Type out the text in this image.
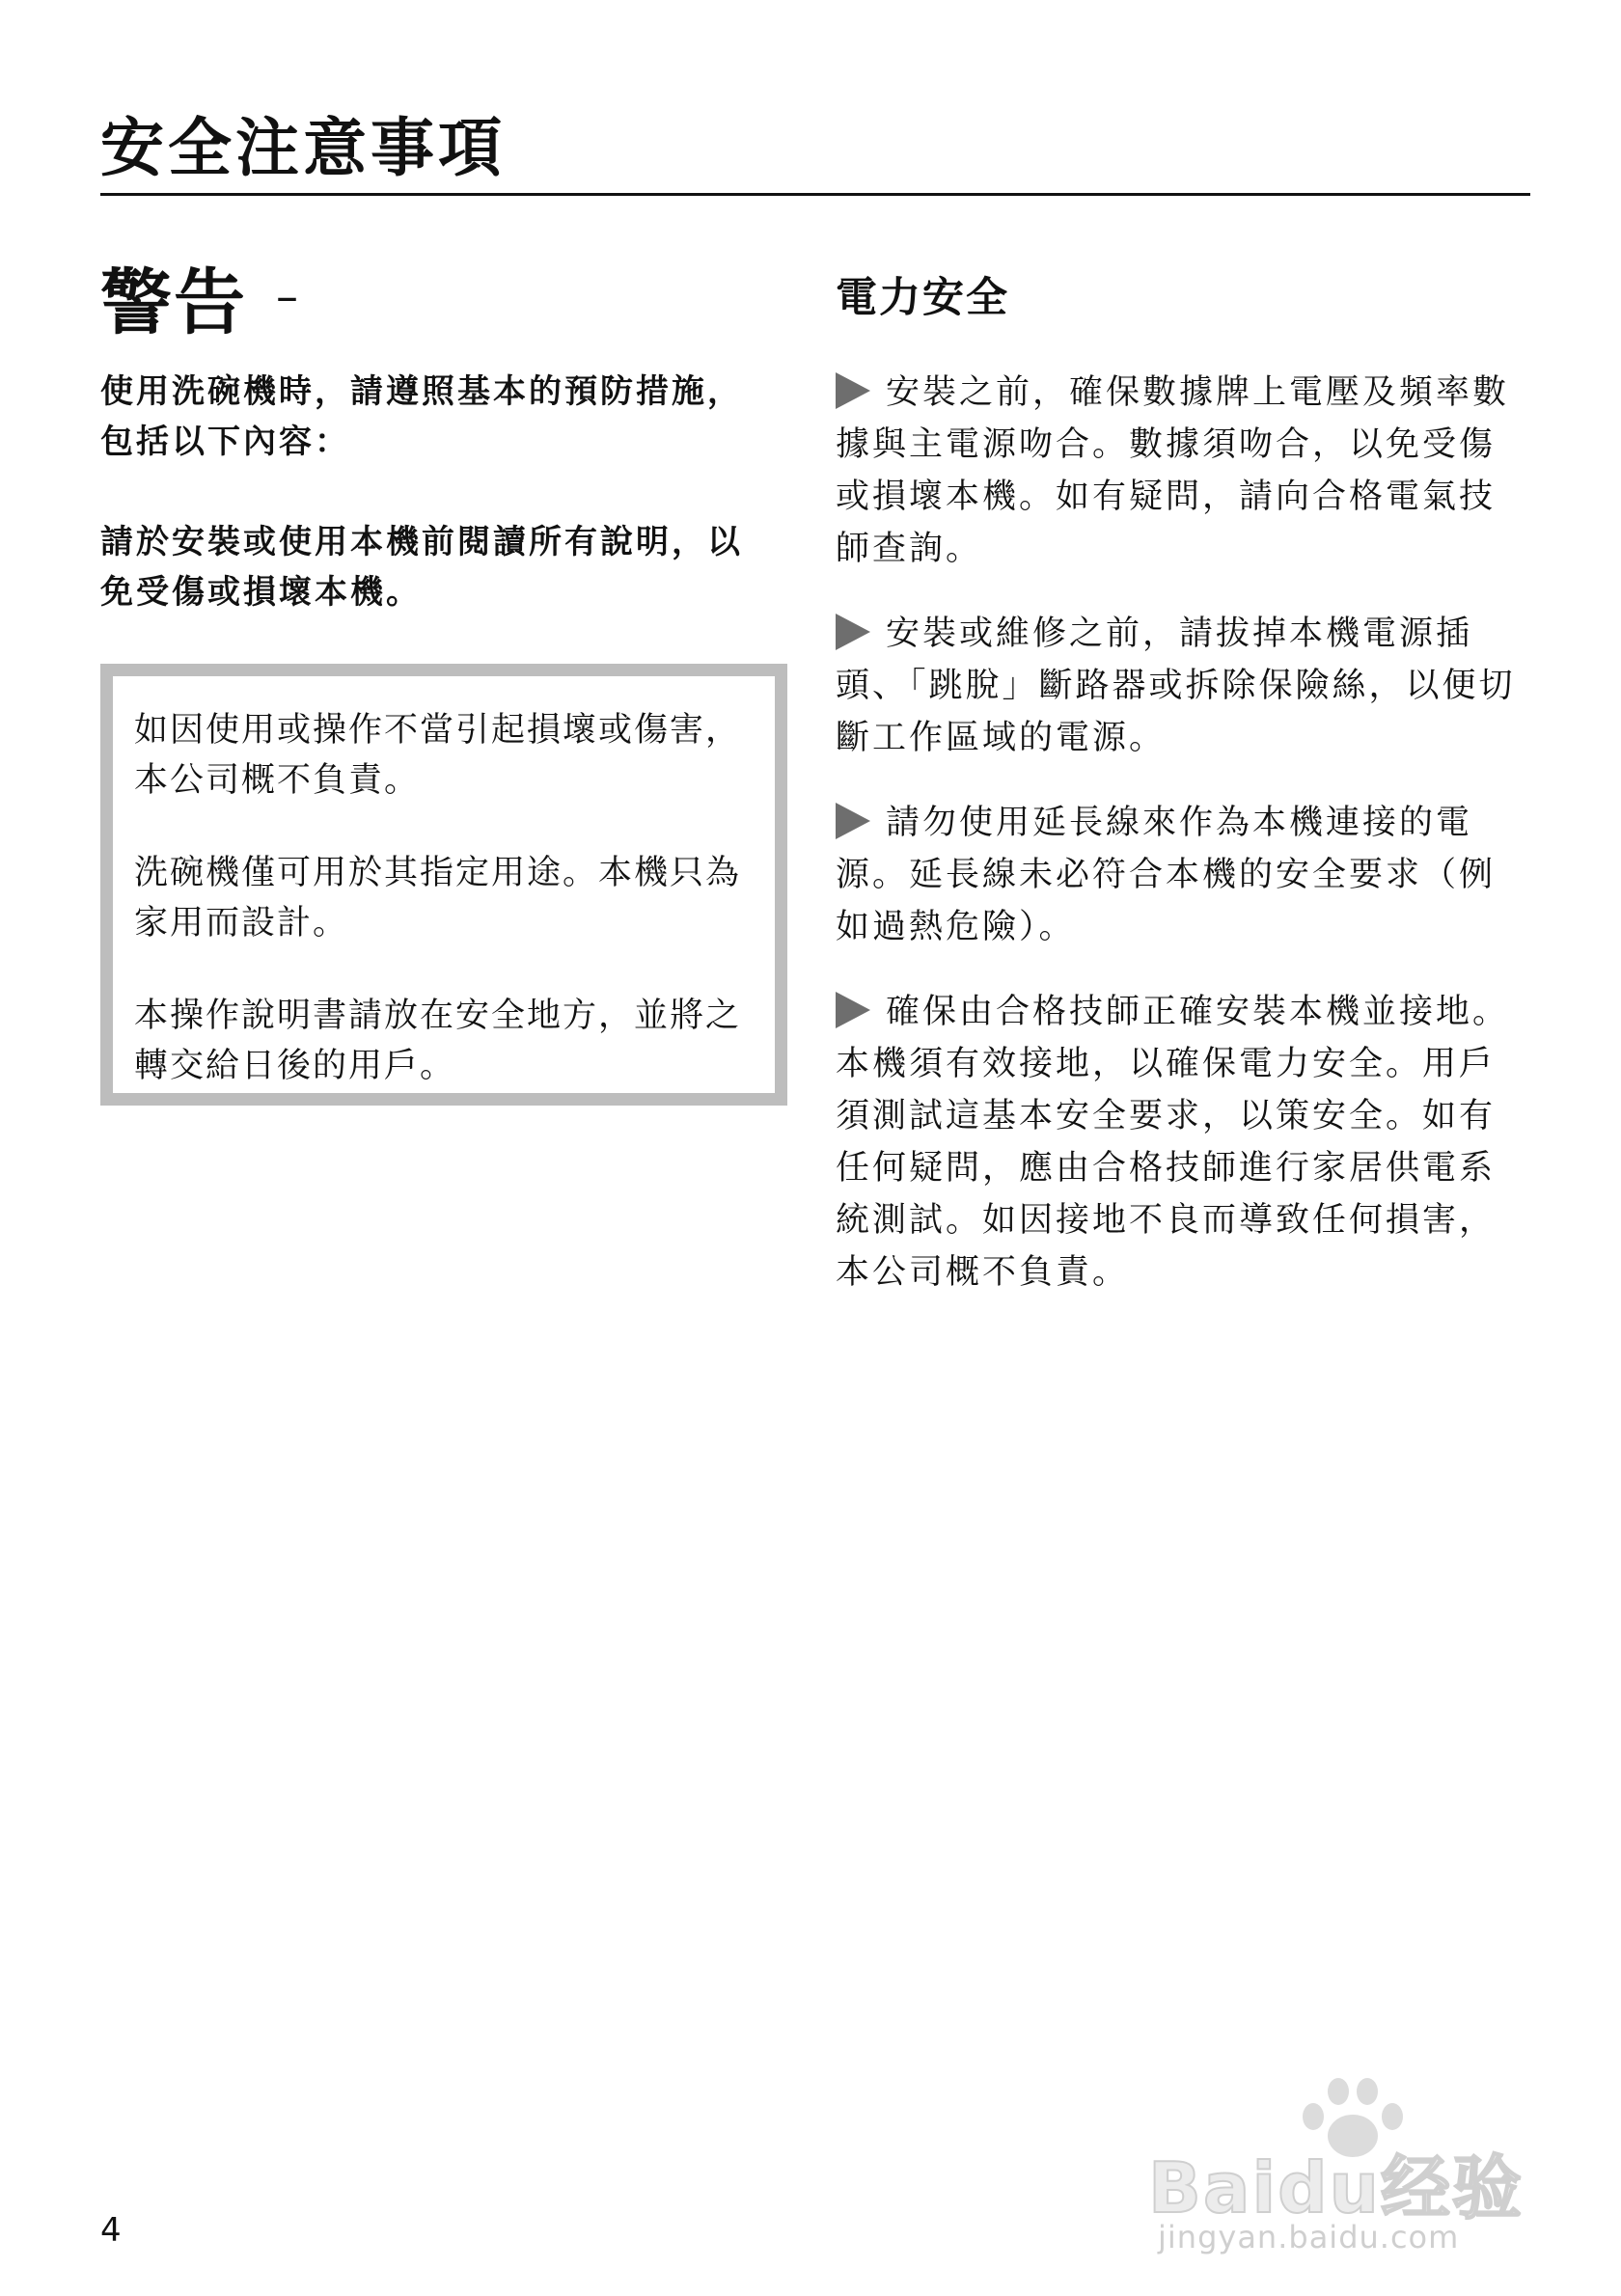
安全注意事項
警告 –

使用洗碗機時，請遵照基本的預防措施，包括以下內容：

請於安裝或使用本機前閱讀所有說明，以免受傷或損壞本機。

如因使用或操作不當引起損壞或傷害，本公司概不負責。

洗碗機僅可用於其指定用途。本機只為家用而設計。

本操作說明書請放在安全地方，並將之轉交給日後的用戶。

電力安全

安裝之前，確保數據牌上電壓及頻率數據與主電源吻合。數據須吻合，以免受傷或損壞本機。如有疑問，請向合格電氣技師查詢。

安裝或維修之前，請拔掉本機電源插頭、「跳脫」斷路器或拆除保險絲，以便切斷工作區域的電源。

請勿使用延長線來作為本機連接的電源。延長線未必符合本機的安全要求（例如過熱危險）。

確保由合格技師正確安裝本機並接地。本機須有效接地，以確保電力安全。用戶須測試這基本安全要求，以策安全。如有任何疑問，應由合格技師進行家居供電系統測試。如因接地不良而導致任何損害，本公司概不負責。

4
Baidu经验
jingyan.baidu.com
